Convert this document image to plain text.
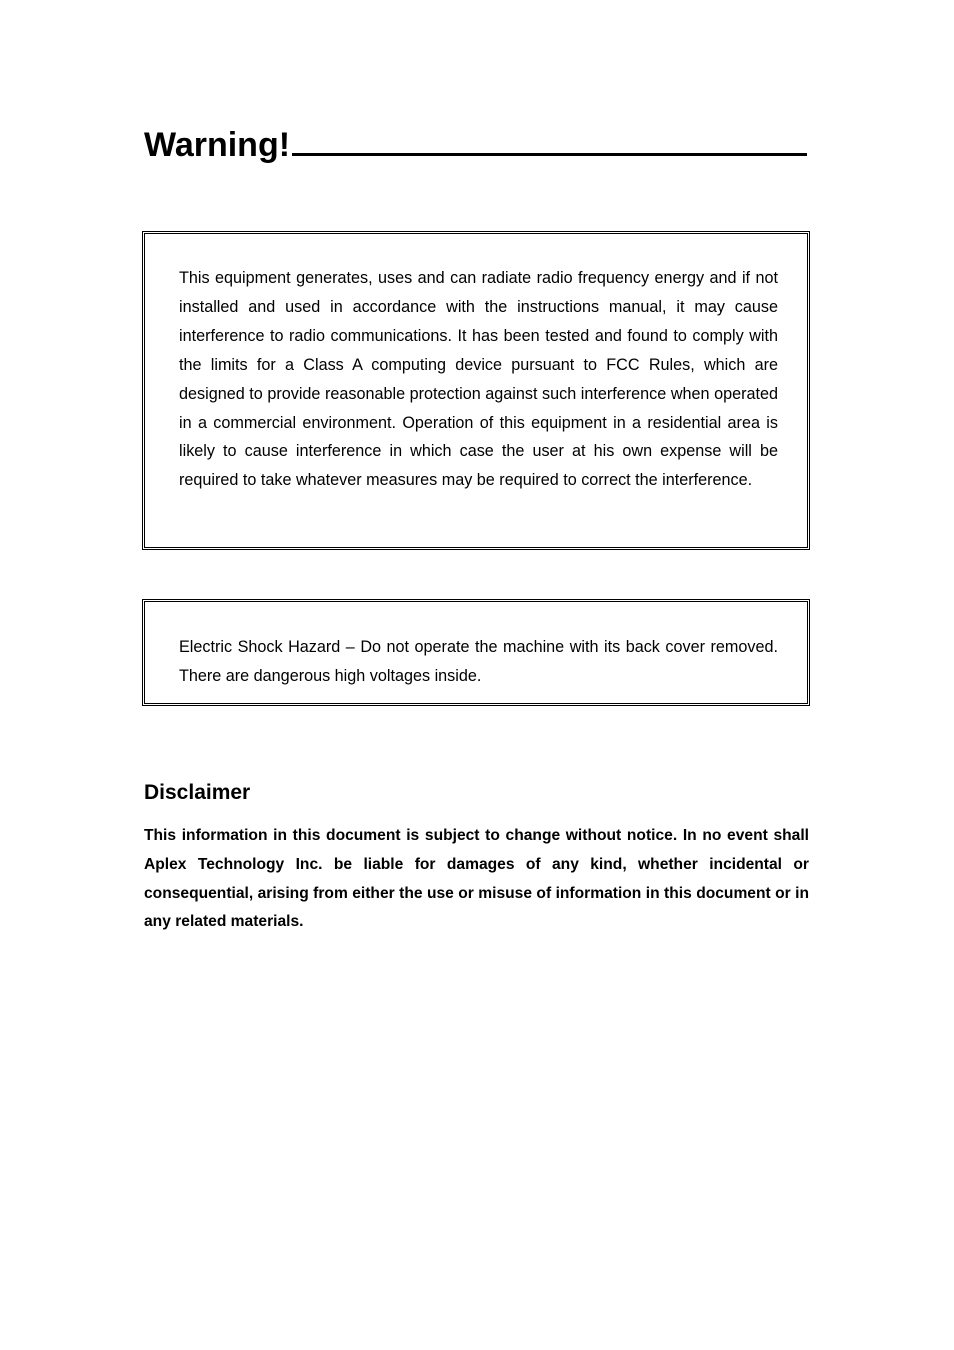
Warning!

This equipment generates, uses and can radiate radio frequency energy and if not installed and used in accordance with the instructions manual, it may cause interference to radio communications. It has been tested and found to comply with the limits for a Class A computing device pursuant to FCC Rules, which are designed to provide reasonable protection against such interference when operated in a commercial environment. Operation of this equipment in a residential area is likely to cause interference in which case the user at his own expense will be required to take whatever measures may be required to correct the interference.

Electric Shock Hazard – Do not operate the machine with its back cover removed. There are dangerous high voltages inside.

Disclaimer

This information in this document is subject to change without notice. In no event shall Aplex Technology Inc. be liable for damages of any kind, whether incidental or consequential, arising from either the use or misuse of information in this document or in any related materials.
